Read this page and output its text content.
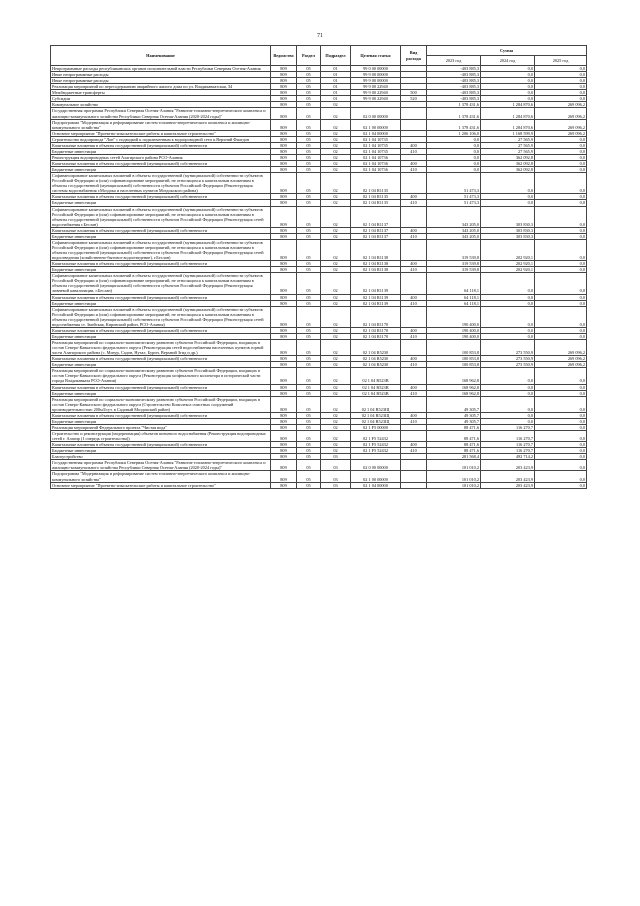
71
Наименование	Ведомство	Раздел	Подраздел	Целевая статья	Вид расхода	Сумма		
						2023 год	2024 год	2025 год
Непрограммные расходы республиканских органов исполнительной власти Республики Северная Осетия-Алания	809	05	01	99 0 00 00000		-403 885,3	0,0	0,0
Иные непрограммные расходы	809	05	01	99 9 00 00000		-403 885,3	0,0	0,0
Иные непрограммные расходы	809	05	01	99 9 00 00000		-403 885,3	0,0	0,0
Реализация мероприятий по пересодержанию аварийного жилого дома по ул. Владикавказская, 34	809	05	01	99 9 00 22940		-403 885,3	0,0	0,0
Межбюджетные трансферты	809	05	01	99 9 00 22940	500	-403 885,3	0,0	0,0
Субсидии	809	05	01	99 9 00 22940	520	-403 885,3	0,0	0,0
Коммунальное хозяйство	809	05	02			1 378 431,6	1 284 870,6	269 096,2
Государственная программа Республики Северная Осетия-Алания "Развитие топливно-энергетического комплекса и жилищно-коммунального хозяйства Республики Северная Осетия-Алания (2020-2024 годы)"	809	05	02	02 0 00 00000		1 378 431,6	1 284 870,6	269 096,2
Подпрограмма "Модернизация и реформирование систем топливно-энергетического комплекса и жилищно-коммунального хозяйства"	809	05	02	02 1 00 00000		1 378 431,6	1 284 870,6	269 096,2
Основное мероприятие "Проектно-изыскательские работы и капитальное строительство"	809	05	02	02 1 04 00000		1 206 106,0	1 168 599,9	269 096,2
Строительство водопровода "Лон" с подводкой к подключенным к водопроводной сети п.Верхний Фиагдон	809	05	02	02 1 04 10735		0,0	27 565,9	0,0
Капитальные вложения в объекты государственной (муниципальной) собственности	809	05	02	02 1 04 10735	400	0,0	27 565,9	0,0
Бюджетные инвестиции	809	05	02	02 1 04 10735	410	0,0	27 565,9	0,0
Реконструкция водопроводных сетей Алагирского района РСО-Алания	809	05	02	02 1 04 10736		0,0	362 092,8	0,0
Капитальные вложения в объекты государственной (муниципальной) собственности	809	05	02	02 1 04 10736	400	0,0	362 092,8	0,0
Бюджетные инвестиции	809	05	02	02 1 04 10736	410	0,0	362 092,8	0,0
Софинансирование капитальных вложений в объекты государственной (муниципальной) собственности субъектов Российской Федерации и (или) софинансирование мероприятий, не относящихся к капитальным вложениям в объекты государственной (муниципальной) собственности субъектов Российской Федерации (Реконструкция системы водоснабжения г.Моздока и населенных пунктов Моздокского района)	809	05	02	02 1 04 R1135		51 473,3	0,0	0,0
Капитальные вложения в объекты государственной (муниципальной) собственности	809	05	02	02 1 04 R1135	400	51 473,3	0,0	0,0
Бюджетные инвестиции	809	05	02	02 1 04 R1135	410	51 473,3	0,0	0,0
Софинансирование капитальных вложений в объекты государственной (муниципальной) собственности субъектов Российской Федерации и (или) софинансирование мероприятий, не относящихся к капитальным вложениям в объекты государственной (муниципальной) собственности субъектов Российской Федерации (Реконструкция сетей водоснабжения г.Беслан)	809	05	02	02 1 04 R1137		343 205,0	303 830,3	0,0
Капитальные вложения в объекты государственной (муниципальной) собственности	809	05	02	02 1 04 R1137	400	343 205,0	303 830,3	0,0
Бюджетные инвестиции	809	05	02	02 1 04 R1137	410	343 205,0	303 830,3	0,0
Софинансирование капитальных вложений в объекты государственной (муниципальной) собственности субъектов Российской Федерации и (или) софинансирование мероприятий, не относящихся к капитальным вложениям в объекты государственной (муниципальной) собственности субъектов Российской Федерации (Реконструкция сетей водоотведения (хозяйственно-бытовое водоотведение), г.Беслан)	809	05	02	02 1 04 R1138		319 539,8	202 920,1	0,0
Капитальные вложения в объекты государственной (муниципальной) собственности	809	05	02	02 1 04 R1138	400	319 539,8	202 920,1	0,0
Бюджетные инвестиции	809	05	02	02 1 04 R1138	410	319 539,8	202 920,1	0,0
Софинансирование капитальных вложений в объекты государственной (муниципальной) собственности субъектов Российской Федерации и (или) софинансирование мероприятий, не относящихся к капитальным вложениям в объекты государственной (муниципальной) собственности субъектов Российской Федерации (Реконструкция ливневой канализации, г.Беслан)	809	05	02	02 1 04 R1139		64 118,1	0,0	0,0
Капитальные вложения в объекты государственной (муниципальной) собственности	809	05	02	02 1 04 R1139	400	64 118,1	0,0	0,0
Бюджетные инвестиции	809	05	02	02 1 04 R1139	410	64 118,1	0,0	0,0
Софинансирование капитальных вложений в объекты государственной (муниципальной) собственности субъектов Российской Федерации и (или) софинансирование мероприятий, не относящихся к капитальным вложениям в объекты государственной (муниципальной) собственности субъектов Российской Федерации (Реконструкция сетей водоснабжения ст. Змейская, Кировский район, РСО-Алания)	809	05	02	02 1 04 R1170		190 400,0	0,0	0,0
Капитальные вложения в объекты государственной (муниципальной) собственности	809	05	02	02 1 04 R1170	400	190 400,0	0,0	0,0
Бюджетные инвестиции	809	05	02	02 1 04 R1170	410	190 400,0	0,0	0,0
Реализация мероприятий по социально-экономическому развитию субъектов Российской Федерации, входящих в состав Северо-Кавказского федерального округа (Реконструкция сетей водоснабжения населенных пунктов горной части Алагирского района (с. Мизур, Садон, Нузал, Бурон, Верхний Згид и др.)	809	05	02	02 1 04 R5230		100 853,8	273 550,9	269 096,2
Капитальные вложения в объекты государственной (муниципальной) собственности	809	05	02	02 1 04 R5230	400	100 853,8	273 550,9	269 096,2
Бюджетные инвестиции	809	05	02	02 1 04 R5230	410	100 853,8	273 550,9	269 096,2
Реализация мероприятий по социально-экономическому развитию субъектов Российской Федерации, входящих в состав Северо-Кавказского федерального округа (Реконструкция хозфекального коллектора в исторической части города Владикавказа РСО-Алания)	809	05	02	02 1 04 R523В		168 962,8	0,0	0,0
Капитальные вложения в объекты государственной (муниципальной) собственности	809	05	02	02 1 04 R523В	400	168 962,8	0,0	0,0
Бюджетные инвестиции	809	05	02	02 1 04 R523В	410	168 962,8	0,0	0,0
Реализация мероприятий по социально-экономическому развитию субъектов Российской Федерации, входящих в состав Северо-Кавказского федерального округа (Строительство Комплекса очистных сооружений производительностью 200м3/сут. в Садовый Моздокский район)	809	05	02	02 1 04 R523Щ		49 305,7	0,0	0,0
Капитальные вложения в объекты государственной (муниципальной) собственности	809	05	02	02 1 04 R523Щ	400	49 305,7	0,0	0,0
Бюджетные инвестиции	809	05	02	02 1 04 R523Щ	410	49 305,7	0,0	0,0
Реализация мероприятий Федерального проекта "Чистая вода"	809	05	02	02 1 F5 00000		88 471,6	116 270,7	0,0
Строительство и реконструкция (модернизация) объектов питьевого водоснабжения (Реконструкция водопроводных сетей г. Алагир (1 очередь строительства))	809	05	02	02 1 F5 52432		88 471,6	116 270,7	0,0
Капитальные вложения в объекты государственной (муниципальной) собственности	809	05	02	02 1 F5 52432	400	88 471,6	116 270,7	0,0
Бюджетные инвестиции	809	05	02	02 1 F5 52432	410	88 471,6	116 270,7	0,0
Благоустройство	809	05	03			281 568,4	492 714,2	0,0
Государственная программа Республики Северная Осетия-Алания "Развитие топливно-энергетического комплекса и жилищно-коммунального хозяйства Республики Северная Осетия-Алания (2020-2024 годы)"	809	05	03	02 0 00 00000		101 010,2	203 423,9	0,0
Подпрограмма "Модернизация и реформирование систем топливно-энергетического комплекса и жилищно-коммунального хозяйства"	809	05	03	02 1 00 00000		101 010,2	203 423,9	0,0
Основное мероприятие "Проектно-изыскательские работы и капитальное строительство"	809	05	03	02 1 04 00000		101 010,2	203 423,9	0,0
